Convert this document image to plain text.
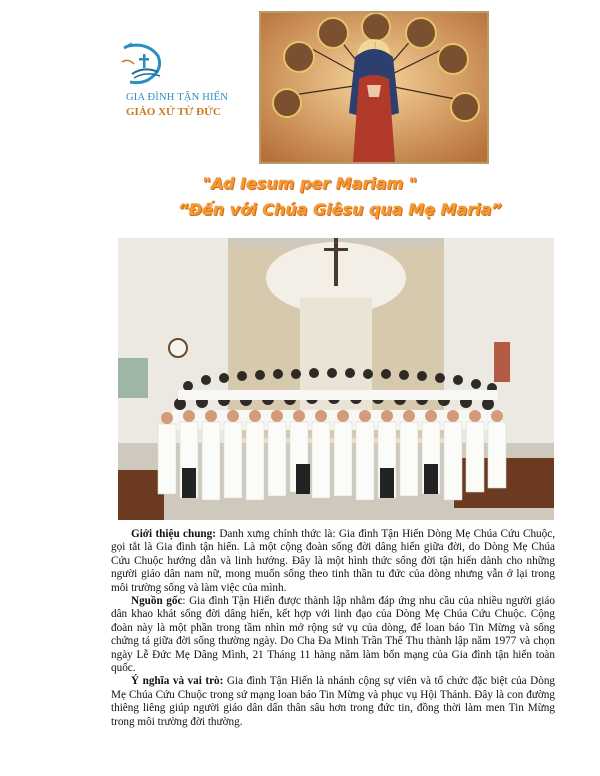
GIA ĐÌNH TẬN HIẾN
GIÁO XỨ TỪ ĐỨC
"Ad Iesum per Mariam "
“Đến với Chúa Giêsu qua Mẹ Maria”

Giới thiệu chung: Danh xưng chính thức là: Gia đình Tận Hiến Dòng Mẹ Chúa Cứu Chuộc, gọi tắt là Gia đình tận hiến. Là một cộng đoàn sống đời dâng hiến giữa đời, do Dòng Mẹ Chúa Cứu Chuộc hướng dẫn và linh hướng. Đây là một hình thức sống đời tận hiến dành cho những người giáo dân nam nữ, mong muốn sống theo tinh thần tu đức của dòng nhưng vẫn ở lại trong môi trường sống và làm việc của mình.

Nguồn gốc: Gia đình Tận Hiến được thành lập nhằm đáp ứng nhu cầu của nhiều người giáo dân khao khát sống đời dâng hiến, kết hợp với linh đạo của Dòng Mẹ Chúa Cứu Chuộc. Cộng đoàn này là một phần trong tầm nhìn mở rộng sứ vụ của dòng, để loan báo Tin Mừng và sống chứng tá giữa đời sống thường ngày. Do Cha Đa Minh Trần Thế Thu thành lập năm 1977 và chọn ngày Lễ Đức Mẹ Dâng Mình, 21 Tháng 11 hàng năm làm bổn mạng của Gia đình tận hiến toàn quốc.

Ý nghĩa và vai trò: Gia đình Tận Hiến là nhánh cộng sự viên và tổ chức đặc biệt của Dòng Mẹ Chúa Cứu Chuộc trong sứ mạng loan báo Tin Mừng và phục vụ Hội Thánh. Đây là con đường thiêng liêng giúp người giáo dân dấn thân sâu hơn trong đức tin, đồng thời làm men Tin Mừng trong môi trường đời thường.
